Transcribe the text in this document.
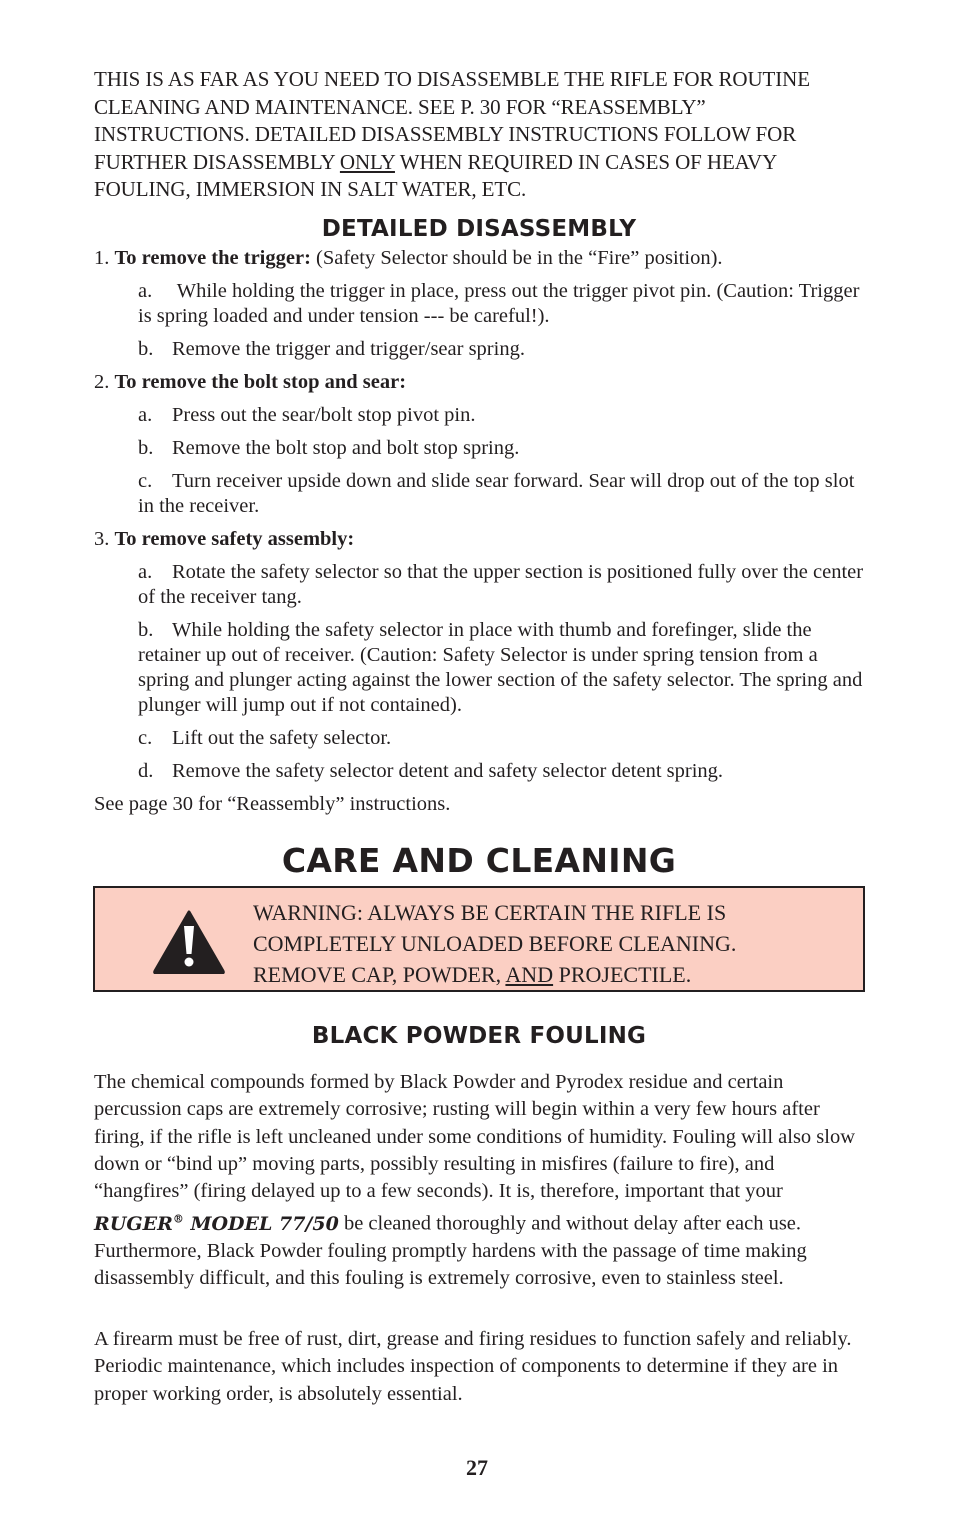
THIS IS AS FAR AS YOU NEED TO DISASSEMBLE THE RIFLE FOR ROUTINE CLEANING AND MAINTENANCE. SEE P. 30 FOR “REASSEMBLY” INSTRUCTIONS. DETAILED DISASSEMBLY INSTRUCTIONS FOLLOW FOR FURTHER DISASSEMBLY ONLY WHEN REQUIRED IN CASES OF HEAVY FOULING, IMMERSION IN SALT WATER, ETC.

DETAILED DISASSEMBLY

1. To remove the trigger: (Safety Selector should be in the “Fire” position).

a. While holding the trigger in place, press out the trigger pivot pin. (Caution: Trigger is spring loaded and under tension --- be careful!).

b. Remove the trigger and trigger/sear spring.

2. To remove the bolt stop and sear:

a. Press out the sear/bolt stop pivot pin.

b. Remove the bolt stop and bolt stop spring.

c. Turn receiver upside down and slide sear forward. Sear will drop out of the top slot in the receiver.

3. To remove safety assembly:

a. Rotate the safety selector so that the upper section is positioned fully over the center of the receiver tang.

b. While holding the safety selector in place with thumb and forefinger, slide the retainer up out of receiver. (Caution: Safety Selector is under spring tension from a spring and plunger acting against the lower section of the safety selector. The spring and plunger will jump out if not contained).

c. Lift out the safety selector.

d. Remove the safety selector detent and safety selector detent spring.

See page 30 for “Reassembly” instructions.

CARE AND CLEANING
WARNING: ALWAYS BE CERTAIN THE RIFLE IS
COMPLETELY UNLOADED BEFORE CLEANING.
REMOVE CAP, POWDER, AND PROJECTILE.
BLACK POWDER FOULING

The chemical compounds formed by Black Powder and Pyrodex residue and certain percussion caps are extremely corrosive; rusting will begin within a very few hours after firing, if the rifle is left uncleaned under some conditions of humidity. Fouling will also slow down or “bind up” moving parts, possibly resulting in misfires (failure to fire), and “hangfires” (firing delayed up to a few seconds). It is, therefore, important that your RUGER® MODEL 77/50 be cleaned thoroughly and without delay after each use. Furthermore, Black Powder fouling promptly hardens with the passage of time making disassembly difficult, and this fouling is extremely corrosive, even to stainless steel.

A firearm must be free of rust, dirt, grease and firing residues to function safely and reliably. Periodic maintenance, which includes inspection of components to determine if they are in proper working order, is absolutely essential.

27
